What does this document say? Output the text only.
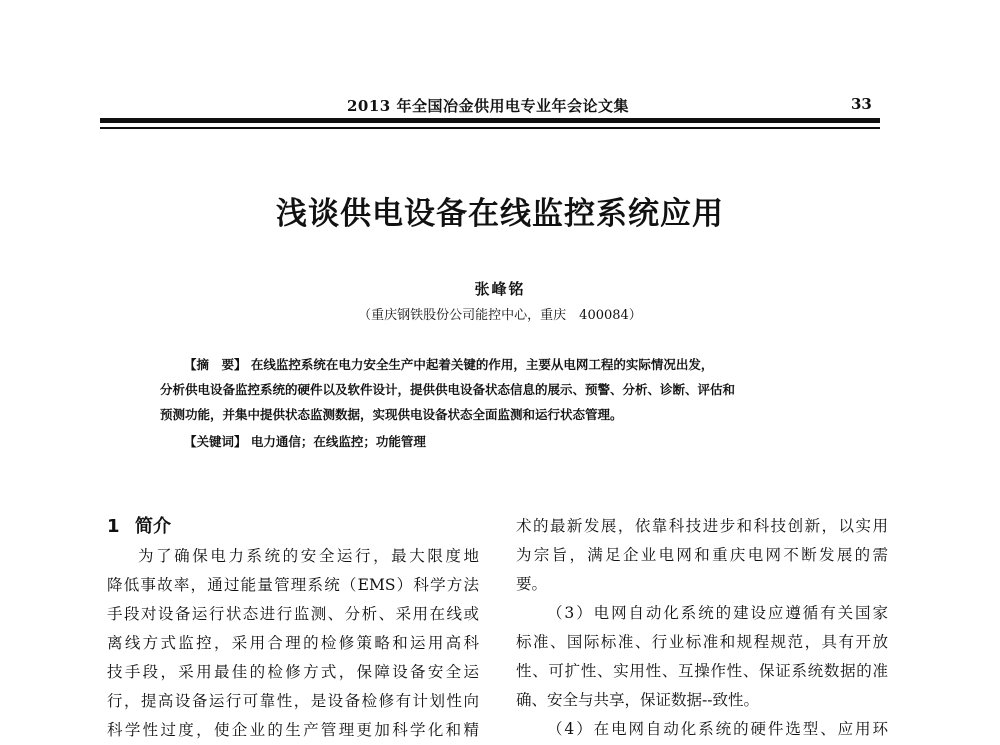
2013 年全国冶金供用电专业年会论文集	33
浅谈供电设备在线监控系统应用
张峰铭
（重庆钢铁股份公司能控中心，重庆　400084）
【摘　要】 在线监控系统在电力安全生产中起着关键的作用，主要从电网工程的实际情况出发，
分析供电设备监控系统的硬件以及软件设计，提供供电设备状态信息的展示、预警、分析、诊断、评估和
预测功能，并集中提供状态监测数据，实现供电设备状态全面监测和运行状态管理。
【关键词】 电力通信；在线监控；功能管理
1 简介
为了确保电力系统的安全运行，最大限度地
降低事故率，通过能量管理系统（EMS）科学方法
手段对设备运行状态进行监测、分析、采用在线或
离线方式监控，采用合理的检修策略和运用高科
技手段，采用最佳的检修方式，保障设备安全运
行，提高设备运行可靠性，是设备检修有计划性向
科学性过度，使企业的生产管理更加科学化和精
术的最新发展，依靠科技进步和科技创新，以实用
为宗旨，满足企业电网和重庆电网不断发展的需
要。
（3）电网自动化系统的建设应遵循有关国家
标准、国际标准、行业标准和规程规范，具有开放
性、可扩性、实用性、互操作性、保证系统数据的准
确、安全与共享，保证数据--致性。
（4）在电网自动化系统的硬件选型、应用环
